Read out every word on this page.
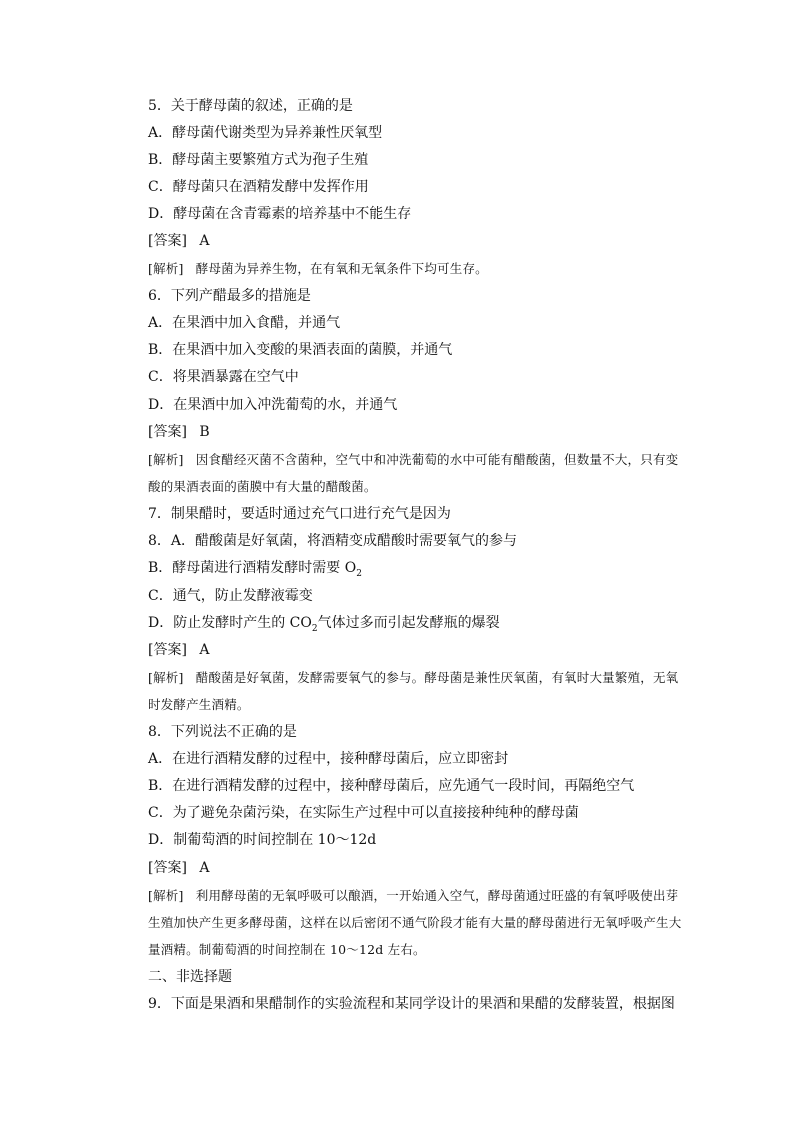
5．关于酵母菌的叙述，正确的是
A．酵母菌代谢类型为异养兼性厌氧型
B．酵母菌主要繁殖方式为孢子生殖
C．酵母菌只在酒精发酵中发挥作用
D．酵母菌在含青霉素的培养基中不能生存
[答案] A
[解析] 酵母菌为异养生物，在有氧和无氧条件下均可生存。
6．下列产醋最多的措施是
A．在果酒中加入食醋，并通气
B．在果酒中加入变酸的果酒表面的菌膜，并通气
C．将果酒暴露在空气中
D．在果酒中加入冲洗葡萄的水，并通气
[答案] B
[解析] 因食醋经灭菌不含菌种，空气中和冲洗葡萄的水中可能有醋酸菌，但数量不大，只有变酸的果酒表面的菌膜中有大量的醋酸菌。
7．制果醋时，要适时通过充气口进行充气是因为
8．A．醋酸菌是好氧菌，将酒精变成醋酸时需要氧气的参与
B．酵母菌进行酒精发酵时需要 $O_2$
C．通气，防止发酵液霉变
D．防止发酵时产生的 $CO_2$气体过多而引起发酵瓶的爆裂
[答案] A
[解析] 醋酸菌是好氧菌，发酵需要氧气的参与。酵母菌是兼性厌氧菌，有氧时大量繁殖，无氧时发酵产生酒精。
8．下列说法不正确的是
A．在进行酒精发酵的过程中，接种酵母菌后，应立即密封
B．在进行酒精发酵的过程中，接种酵母菌后，应先通气一段时间，再隔绝空气
C．为了避免杂菌污染，在实际生产过程中可以直接接种纯种的酵母菌
D．制葡萄酒的时间控制在 10～12d
[答案] A
[解析] 利用酵母菌的无氧呼吸可以酿酒，一开始通入空气，酵母菌通过旺盛的有氧呼吸使出芽生殖加快产生更多酵母菌，这样在以后密闭不通气阶段才能有大量的酵母菌进行无氧呼吸产生大量酒精。制葡萄酒的时间控制在 10～12d 左右。
二、非选择题
9．下面是果酒和果醋制作的实验流程和某同学设计的果酒和果醋的发酵装置，根据图
